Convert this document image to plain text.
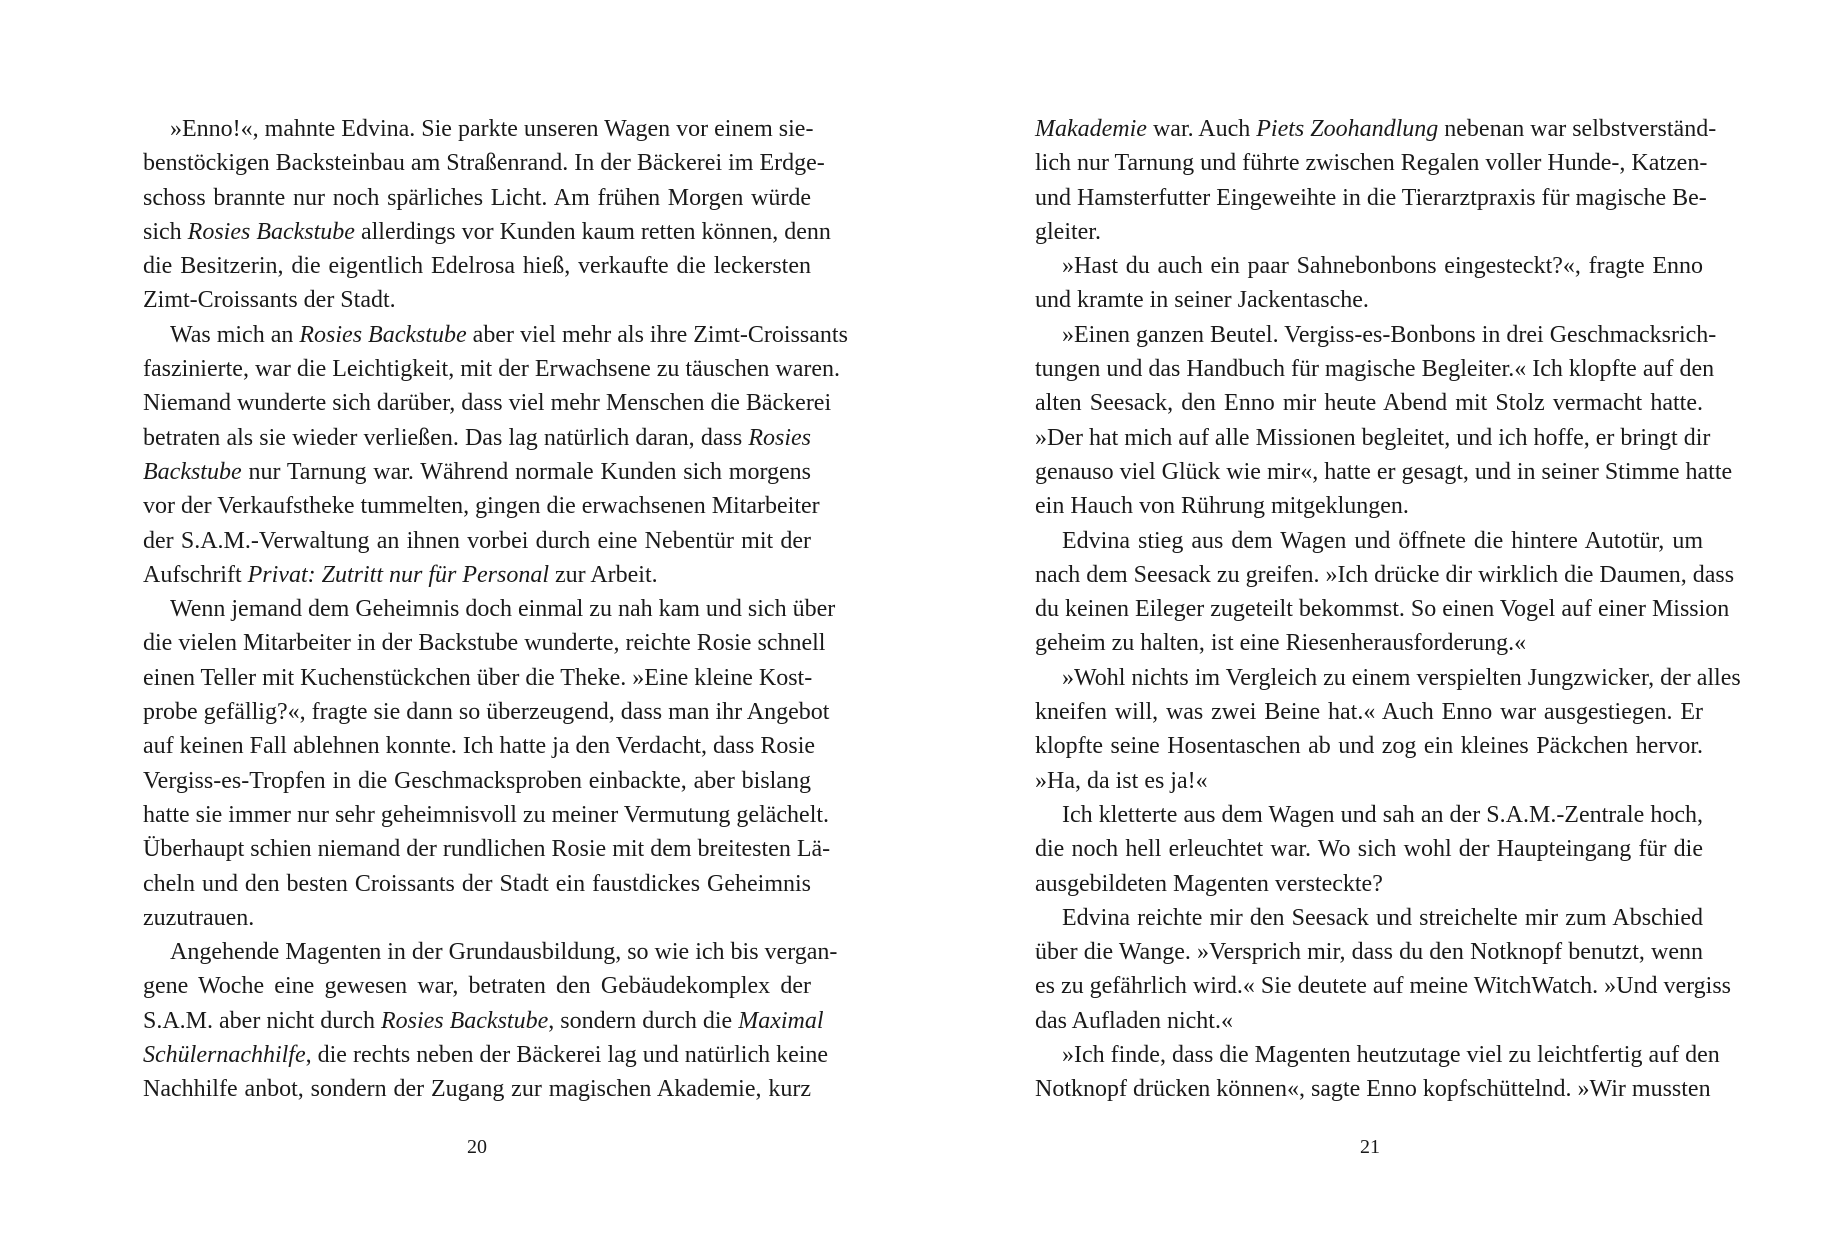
»Enno!«, mahnte Edvina. Sie parkte unseren Wagen vor einem sie-
benstöckigen Backsteinbau am Straßenrand. In der Bäckerei im Erdge-
schoss brannte nur noch spärliches Licht. Am frühen Morgen würde
sich Rosies Backstube allerdings vor Kunden kaum retten können, denn
die Besitzerin, die eigentlich Edelrosa hieß, verkaufte die leckersten
Zimt-Croissants der Stadt.
Was mich an Rosies Backstube aber viel mehr als ihre Zimt-Croissants
faszinierte, war die Leichtigkeit, mit der Erwachsene zu täuschen waren.
Niemand wunderte sich darüber, dass viel mehr Menschen die Bäckerei
betraten als sie wieder verließen. Das lag natürlich daran, dass Rosies
Backstube nur Tarnung war. Während normale Kunden sich morgens
vor der Verkaufstheke tummelten, gingen die erwachsenen Mitarbeiter
der S.A.M.-Verwaltung an ihnen vorbei durch eine Nebentür mit der
Aufschrift Privat: Zutritt nur für Personal zur Arbeit.
Wenn jemand dem Geheimnis doch einmal zu nah kam und sich über
die vielen Mitarbeiter in der Backstube wunderte, reichte Rosie schnell
einen Teller mit Kuchenstückchen über die Theke. »Eine kleine Kost-
probe gefällig?«, fragte sie dann so überzeugend, dass man ihr Angebot
auf keinen Fall ablehnen konnte. Ich hatte ja den Verdacht, dass Rosie
Vergiss-es-Tropfen in die Geschmacksproben einbackte, aber bislang
hatte sie immer nur sehr geheimnisvoll zu meiner Vermutung gelächelt.
Überhaupt schien niemand der rundlichen Rosie mit dem breitesten Lä-
cheln und den besten Croissants der Stadt ein faustdickes Geheimnis
zuzutrauen.
Angehende Magenten in der Grundausbildung, so wie ich bis vergan-
gene Woche eine gewesen war, betraten den Gebäudekomplex der
S.A.M. aber nicht durch Rosies Backstube, sondern durch die Maximal
Schülernachhilfe, die rechts neben der Bäckerei lag und natürlich keine
Nachhilfe anbot, sondern der Zugang zur magischen Akademie, kurz
20
Makademie war. Auch Piets Zoohandlung nebenan war selbstverständ-
lich nur Tarnung und führte zwischen Regalen voller Hunde-, Katzen-
und Hamsterfutter Eingeweihte in die Tierarztpraxis für magische Be-
gleiter.
»Hast du auch ein paar Sahnebonbons eingesteckt?«, fragte Enno
und kramte in seiner Jackentasche.
»Einen ganzen Beutel. Vergiss-es-Bonbons in drei Geschmacksrich-
tungen und das Handbuch für magische Begleiter.« Ich klopfte auf den
alten Seesack, den Enno mir heute Abend mit Stolz vermacht hatte.
»Der hat mich auf alle Missionen begleitet, und ich hoffe, er bringt dir
genauso viel Glück wie mir«, hatte er gesagt, und in seiner Stimme hatte
ein Hauch von Rührung mitgeklungen.
Edvina stieg aus dem Wagen und öffnete die hintere Autotür, um
nach dem Seesack zu greifen. »Ich drücke dir wirklich die Daumen, dass
du keinen Eileger zugeteilt bekommst. So einen Vogel auf einer Mission
geheim zu halten, ist eine Riesenherausforderung.«
»Wohl nichts im Vergleich zu einem verspielten Jungzwicker, der alles
kneifen will, was zwei Beine hat.« Auch Enno war ausgestiegen. Er
klopfte seine Hosentaschen ab und zog ein kleines Päckchen hervor.
»Ha, da ist es ja!«
Ich kletterte aus dem Wagen und sah an der S.A.M.-Zentrale hoch,
die noch hell erleuchtet war. Wo sich wohl der Haupteingang für die
ausgebildeten Magenten versteckte?
Edvina reichte mir den Seesack und streichelte mir zum Abschied
über die Wange. »Versprich mir, dass du den Notknopf benutzt, wenn
es zu gefährlich wird.« Sie deutete auf meine WitchWatch. »Und vergiss
das Aufladen nicht.«
»Ich finde, dass die Magenten heutzutage viel zu leichtfertig auf den
Notknopf drücken können«, sagte Enno kopfschüttelnd. »Wir mussten
21
